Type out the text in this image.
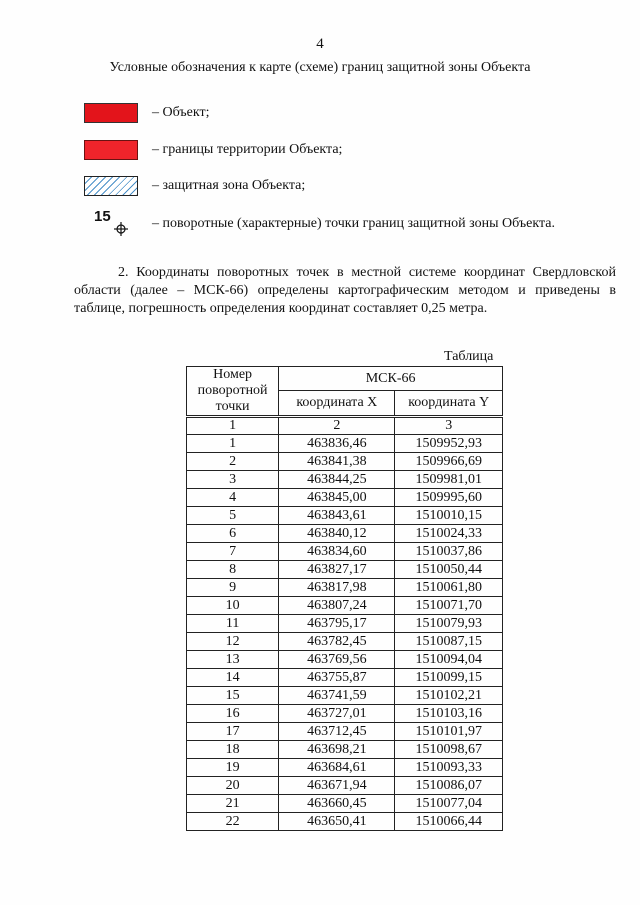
4
Условные обозначения к карте (схеме) границ защитной зоны Объекта
– Объект;
– границы территории Объекта;
– защитная зона Объекта;
15	– поворотные (характерные) точки границ защитной зоны Объекта.
2. Координаты поворотных точек в местной системе координат Свердловской области (далее – МСК-66) определены картографическим методом и приведены в таблице, погрешность определения координат составляет 0,25 метра.
Таблица
Номер поворотной точки	МСК-66	
	координата X	координата Y
1	2	3
1	463836,46	1509952,93
2	463841,38	1509966,69
3	463844,25	1509981,01
4	463845,00	1509995,60
5	463843,61	1510010,15
6	463840,12	1510024,33
7	463834,60	1510037,86
8	463827,17	1510050,44
9	463817,98	1510061,80
10	463807,24	1510071,70
11	463795,17	1510079,93
12	463782,45	1510087,15
13	463769,56	1510094,04
14	463755,87	1510099,15
15	463741,59	1510102,21
16	463727,01	1510103,16
17	463712,45	1510101,97
18	463698,21	1510098,67
19	463684,61	1510093,33
20	463671,94	1510086,07
21	463660,45	1510077,04
22	463650,41	1510066,44
